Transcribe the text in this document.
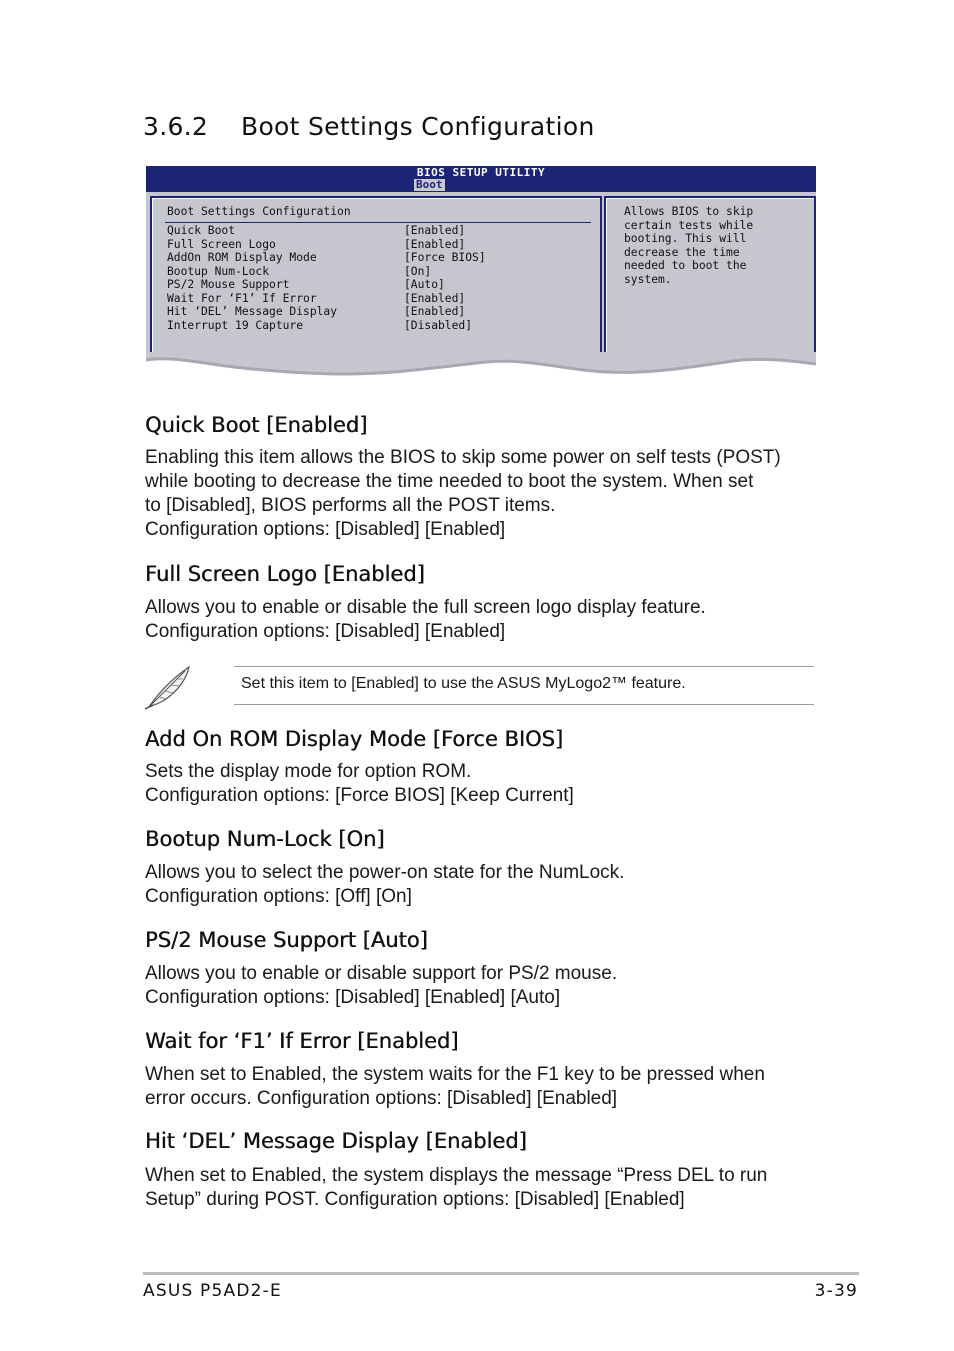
3.6.2 Boot Settings Configuration
BIOS SETUP UTILITY
Boot
Boot Settings Configuration
Quick Boot	[Enabled]
Full Screen Logo	[Enabled]
AddOn ROM Display Mode	[Force BIOS]
Bootup Num-Lock	[On]
PS/2 Mouse Support	[Auto]
Wait For ‘F1’ If Error	[Enabled]
Hit ‘DEL’ Message Display	[Enabled]
Interrupt 19 Capture	[Disabled]
Allows BIOS to skip
certain tests while
booting. This will
decrease the time
needed to boot the
system.
Quick Boot [Enabled]
Enabling this item allows the BIOS to skip some power on self tests (POST)
while booting to decrease the time needed to boot the system. When set
to [Disabled], BIOS performs all the POST items.
Configuration options: [Disabled] [Enabled]
Full Screen Logo [Enabled]
Allows you to enable or disable the full screen logo display feature.
Configuration options: [Disabled] [Enabled]
Set this item to [Enabled] to use the ASUS MyLogo2™ feature.
Add On ROM Display Mode [Force BIOS]
Sets the display mode for option ROM.
Configuration options: [Force BIOS] [Keep Current]
Bootup Num-Lock [On]
Allows you to select the power-on state for the NumLock.
Configuration options: [Off] [On]
PS/2 Mouse Support [Auto]
Allows you to enable or disable support for PS/2 mouse.
Configuration options: [Disabled] [Enabled] [Auto]
Wait for ‘F1’ If Error [Enabled]
When set to Enabled, the system waits for the F1 key to be pressed when
error occurs. Configuration options: [Disabled] [Enabled]
Hit ‘DEL’ Message Display [Enabled]
When set to Enabled, the system displays the message “Press DEL to run
Setup” during POST. Configuration options: [Disabled] [Enabled]
ASUS P5AD2-E	3-39
